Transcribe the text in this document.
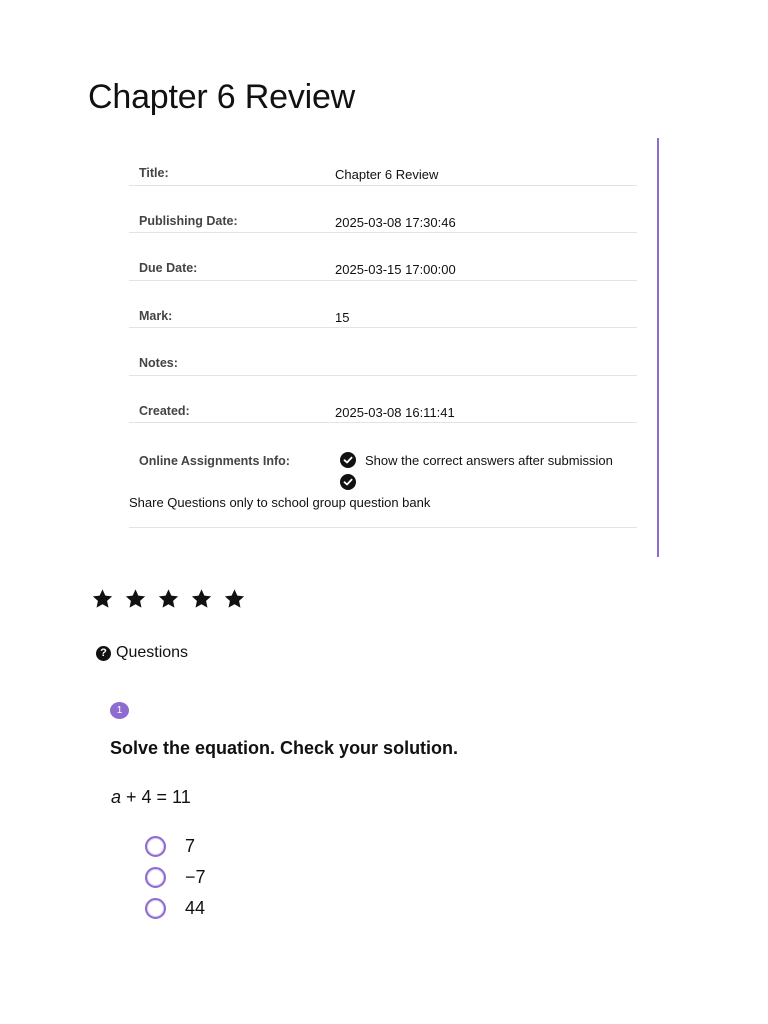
Chapter 6 Review
Title:	Chapter 6 Review
Publishing Date:	2025-03-08 17:30:46
Due Date:	2025-03-15 17:00:00
Mark:	15
Notes:
Created:	2025-03-08 16:11:41
Online Assignments Info:	Show the correct answers after submission
Share Questions only to school group question bank
? Questions
1
Solve the equation. Check your solution.
a + 4 = 11
7
−7
44
